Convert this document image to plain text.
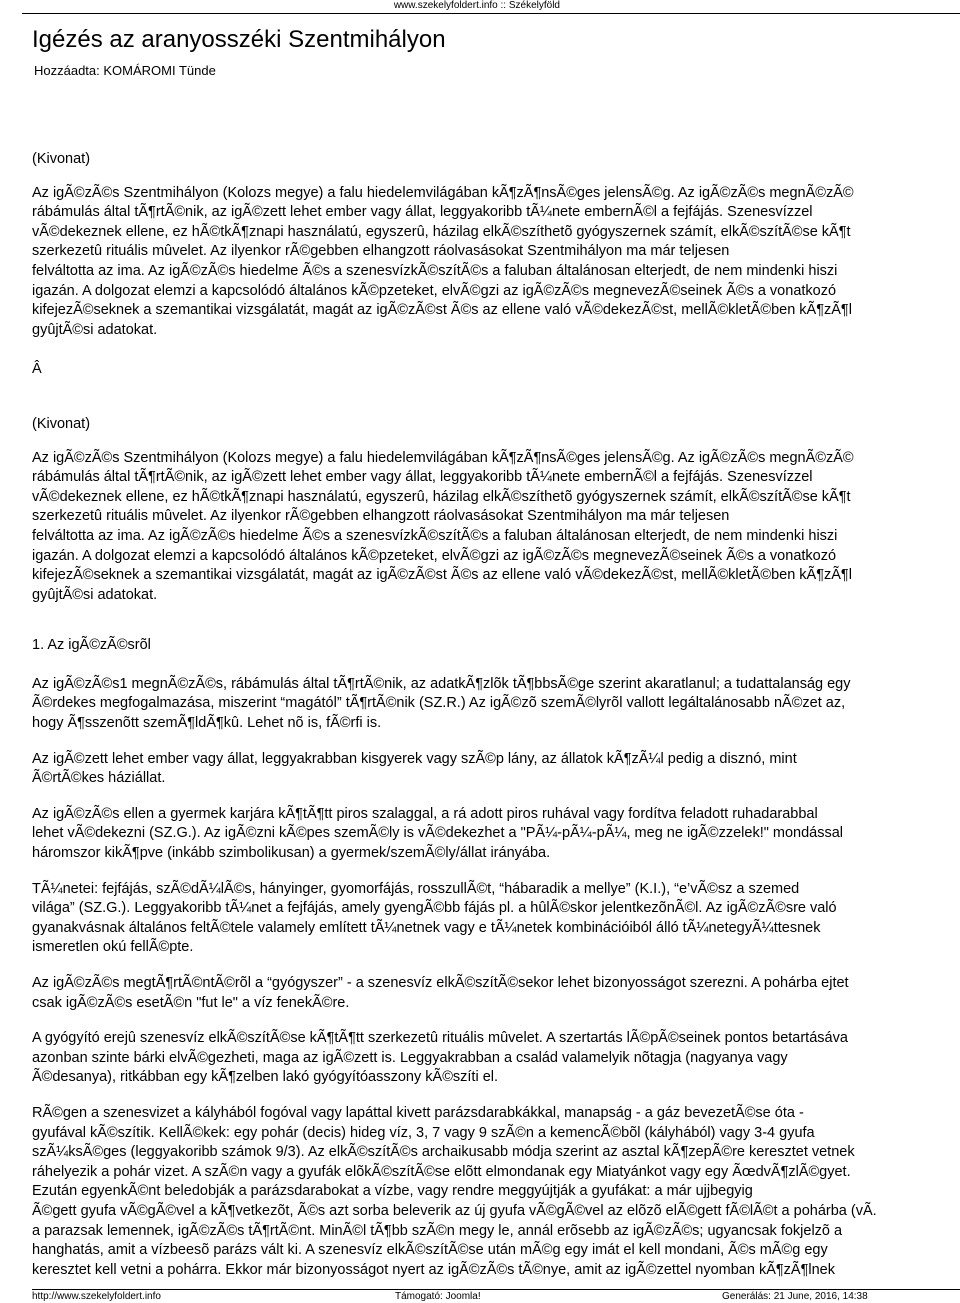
www.szekelyfoldert.info :: Székelyföld
Igézés az aranyosszéki Szentmihályon
Hozzáadta: KOMÁROMI Tünde

(Kivonat)

Az igÃ©zÃ©s Szentmihályon (Kolozs megye) a falu hiedelemvilágában kÃ¶zÃ¶nsÃ©ges jelensÃ©g. Az igÃ©zÃ©s megnÃ©zÃ©

rábámulás által tÃ¶rtÃ©nik, az igÃ©zett lehet ember vagy állat, leggyakoribb tÃ¼nete embernÃ©l a fejfájás. Szenesvízzel

vÃ©dekeznek ellene, ez hÃ©tkÃ¶znapi használatú, egyszerû, házilag elkÃ©szíthetõ gyógyszernek számít, elkÃ©szítÃ©se kÃ¶t

szerkezetû rituális mûvelet. Az ilyenkor rÃ©gebben elhangzott ráolvasásokat Szentmihályon ma már teljesen

felváltotta az ima. Az igÃ©zÃ©s hiedelme Ã©s a szenesvízkÃ©szítÃ©s a faluban általánosan elterjedt, de nem mindenki hiszi

igazán. A dolgozat elemzi a kapcsolódó általános kÃ©pzeteket, elvÃ©gzi az igÃ©zÃ©s megnevezÃ©seinek Ã©s a vonatkozó

kifejezÃ©seknek a szemantikai vizsgálatát, magát az igÃ©zÃ©st Ã©s az ellene való vÃ©dekezÃ©st, mellÃ©kletÃ©ben kÃ¶zÃ¶l

gyûjtÃ©si adatokat.

Â

(Kivonat)

Az igÃ©zÃ©s Szentmihályon (Kolozs megye) a falu hiedelemvilágában kÃ¶zÃ¶nsÃ©ges jelensÃ©g. Az igÃ©zÃ©s megnÃ©zÃ©

rábámulás által tÃ¶rtÃ©nik, az igÃ©zett lehet ember vagy állat, leggyakoribb tÃ¼nete embernÃ©l a fejfájás. Szenesvízzel

vÃ©dekeznek ellene, ez hÃ©tkÃ¶znapi használatú, egyszerû, házilag elkÃ©szíthetõ gyógyszernek számít, elkÃ©szítÃ©se kÃ¶t

szerkezetû rituális mûvelet. Az ilyenkor rÃ©gebben elhangzott ráolvasásokat Szentmihályon ma már teljesen

felváltotta az ima. Az igÃ©zÃ©s hiedelme Ã©s a szenesvízkÃ©szítÃ©s a faluban általánosan elterjedt, de nem mindenki hiszi

igazán. A dolgozat elemzi a kapcsolódó általános kÃ©pzeteket, elvÃ©gzi az igÃ©zÃ©s megnevezÃ©seinek Ã©s a vonatkozó

kifejezÃ©seknek a szemantikai vizsgálatát, magát az igÃ©zÃ©st Ã©s az ellene való vÃ©dekezÃ©st, mellÃ©kletÃ©ben kÃ¶zÃ¶l

gyûjtÃ©si adatokat.

1. Az igÃ©zÃ©srõl

Az igÃ©zÃ©s1 megnÃ©zÃ©s, rábámulás által tÃ¶rtÃ©nik, az adatkÃ¶zlõk tÃ¶bbsÃ©ge szerint akaratlanul; a tudattalanság egy

Ã©rdekes megfogalmazása, miszerint “magától” tÃ¶rtÃ©nik (SZ.R.) Az igÃ©zõ szemÃ©lyrõl vallott legáltalánosabb nÃ©zet az,

hogy Ã¶sszenõtt szemÃ¶ldÃ¶kû. Lehet nõ is, fÃ©rfi is.

Az igÃ©zett lehet ember vagy állat, leggyakrabban kisgyerek vagy szÃ©p lány, az állatok kÃ¶zÃ¼l pedig a disznó, mint

Ã©rtÃ©kes háziállat.

Az igÃ©zÃ©s ellen a gyermek karjára kÃ¶tÃ¶tt piros szalaggal, a rá adott piros ruhával vagy fordítva feladott ruhadarabbal

lehet vÃ©dekezni (SZ.G.). Az igÃ©zni kÃ©pes szemÃ©ly is vÃ©dekezhet a "PÃ¼-pÃ¼-pÃ¼, meg ne igÃ©zzelek!" mondással

háromszor kikÃ¶pve (inkább szimbolikusan) a gyermek/szemÃ©ly/állat irányába.

TÃ¼netei: fejfájás, szÃ©dÃ¼lÃ©s, hányinger, gyomorfájás, rosszullÃ©t, “hábaradik a mellye” (K.I.), “e’vÃ©sz a szemed

világa” (SZ.G.). Leggyakoribb tÃ¼net a fejfájás, amely gyengÃ©bb fájás pl. a hûlÃ©skor jelentkezõnÃ©l. Az igÃ©zÃ©sre való

gyanakvásnak általános feltÃ©tele valamely említett tÃ¼netnek vagy e tÃ¼netek kombinációiból álló tÃ¼netegyÃ¼ttesnek

ismeretlen okú fellÃ©pte.

Az igÃ©zÃ©s megtÃ¶rtÃ©ntÃ©rõl a “gyógyszer” - a szenesvíz elkÃ©szítÃ©sekor lehet bizonyosságot szerezni. A pohárba ejtet

csak igÃ©zÃ©s esetÃ©n "fut le" a víz fenekÃ©re.

A gyógyító erejû szenesvíz elkÃ©szítÃ©se kÃ¶tÃ¶tt szerkezetû rituális mûvelet. A szertartás lÃ©pÃ©seinek pontos betartásáva

azonban szinte bárki elvÃ©gezheti, maga az igÃ©zett is. Leggyakrabban a család valamelyik nõtagja (nagyanya vagy

Ã©desanya), ritkábban egy kÃ¶zelben lakó gyógyítóasszony kÃ©szíti el.

RÃ©gen a szenesvizet a kályhából fogóval vagy lapáttal kivett parázsdarabkákkal, manapság - a gáz bevezetÃ©se óta -

gyufával kÃ©szítik. KellÃ©kek: egy pohár (decis) hideg víz, 3, 7 vagy 9 szÃ©n a kemencÃ©bõl (kályhából) vagy 3-4 gyufa

szÃ¼ksÃ©ges (leggyakoribb számok 9/3). Az elkÃ©szítÃ©s archaikusabb módja szerint az asztal kÃ¶zepÃ©re keresztet vetnek

ráhelyezik a pohár vizet. A szÃ©n vagy a gyufák elõkÃ©szítÃ©se elõtt elmondanak egy Miatyánkot vagy egy ÃœdvÃ¶zlÃ©gyet.

Ezután egyenkÃ©nt beledobják a parázsdarabokat a vízbe, vagy rendre meggyújtják a gyufákat: a már ujjbegyig

Ã©gett gyufa vÃ©gÃ©vel a kÃ¶vetkezõt, Ã©s azt sorba beleverik az új gyufa vÃ©gÃ©vel az elõzõ elÃ©gett fÃ©lÃ©t a pohárba (vÃ.

a parazsak lemennek, igÃ©zÃ©s tÃ¶rtÃ©nt. MinÃ©l tÃ¶bb szÃ©n megy le, annál erõsebb az igÃ©zÃ©s; ugyancsak fokjelzõ a

hanghatás, amit a vízbeesõ parázs vált ki. A szenesvíz elkÃ©szítÃ©se után mÃ©g egy imát el kell mondani, Ã©s mÃ©g egy

keresztet kell vetni a pohárra. Ekkor már bizonyosságot nyert az igÃ©zÃ©s tÃ©nye, amit az igÃ©zettel nyomban kÃ¶zÃ¶lnek

http://www.szekelyfoldert.info	Támogató: Joomla!	Generálás: 21 June, 2016, 14:38
